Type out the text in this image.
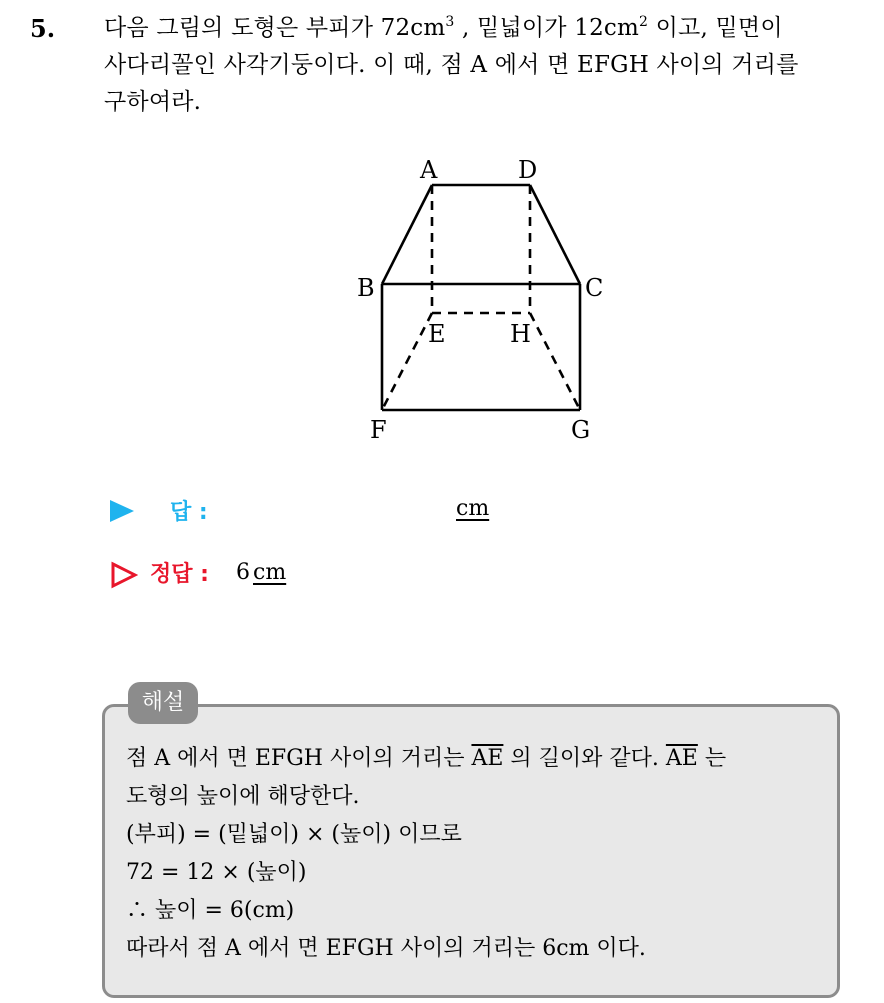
5. 다음 그림의 도형은 부피가 $72cm^3$ , 밑넓이가 $12cm^2$ 이고, 밑면이
사다리꼴인 사각기둥이다. 이 때, 점 A 에서 면 EFGH 사이의 거리를
구하여라.
A	D
B	C
E	H
F	G
답 :	cm
정답 : 6 cm
해설
점 A 에서 면 EFGH 사이의 거리는 $\overline{AE}$ 의 길이와 같다. $\overline{AE}$ 는
도형의 높이에 해당한다.
(부피) = (밑넓이) × (높이) 이므로
72 = 12 × (높이)
∴ 높이 = 6(cm)
따라서 점 A 에서 면 EFGH 사이의 거리는 6cm 이다.
